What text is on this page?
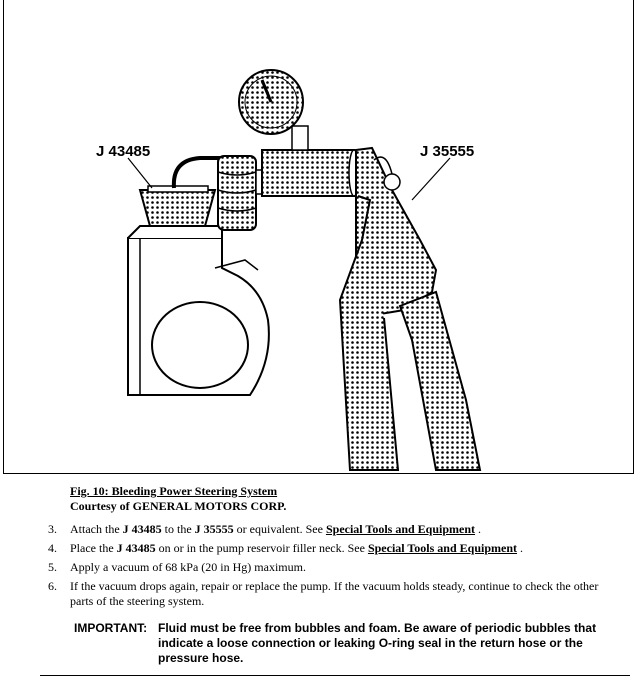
J 43485	J 35555
Fig. 10: Bleeding Power Steering System
Courtesy of GENERAL MOTORS CORP.
3.	Attach the J 43485 to the J 35555 or equivalent. See Special Tools and Equipment .
4.	Place the J 43485 on or in the pump reservoir filler neck. See Special Tools and Equipment .
5.	Apply a vacuum of 68 kPa (20 in Hg) maximum.
6.	If the vacuum drops again, repair or replace the pump. If the vacuum holds steady, continue to check the other parts of the steering system.
IMPORTANT: Fluid must be free from bubbles and foam. Be aware of periodic bubbles that indicate a loose connection or leaking O-ring seal in the return hose or the pressure hose.
